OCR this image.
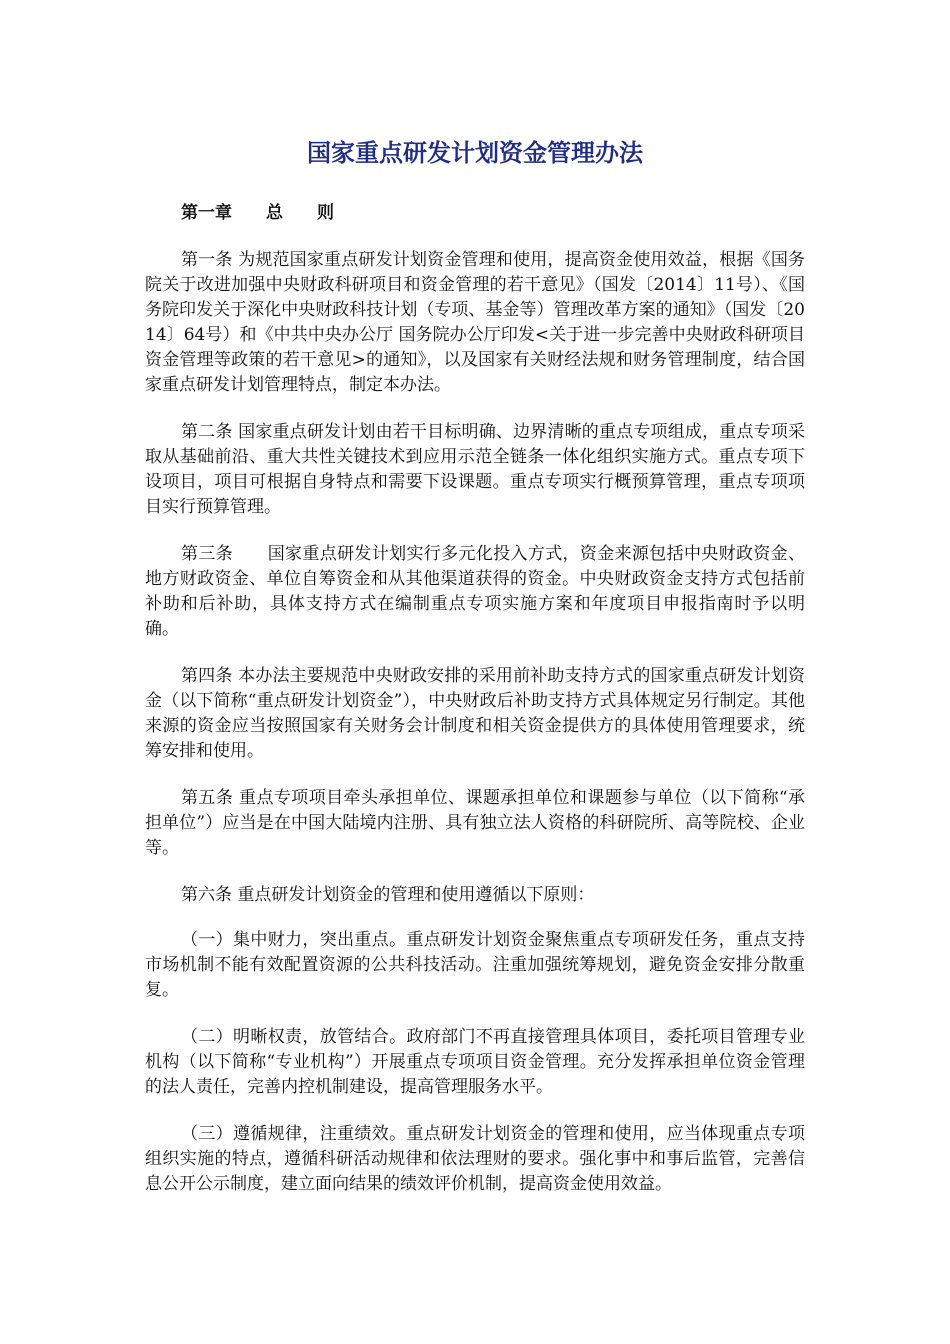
国家重点研发计划资金管理办法
第一章　　总　　则

第一条 为规范国家重点研发计划资金管理和使用，提高资金使用效益，根据《国务院关于改进加强中央财政科研项目和资金管理的若干意见》（国发〔2014〕11号）、《国务院印发关于深化中央财政科技计划（专项、基金等）管理改革方案的通知》（国发〔2014〕64号）和《中共中央办公厅 国务院办公厅印发<关于进一步完善中央财政科研项目资金管理等政策的若干意见>的通知》，以及国家有关财经法规和财务管理制度，结合国家重点研发计划管理特点，制定本办法。

第二条 国家重点研发计划由若干目标明确、边界清晰的重点专项组成，重点专项采取从基础前沿、重大共性关键技术到应用示范全链条一体化组织实施方式。重点专项下设项目，项目可根据自身特点和需要下设课题。重点专项实行概预算管理，重点专项项目实行预算管理。

第三条　　国家重点研发计划实行多元化投入方式，资金来源包括中央财政资金、地方财政资金、单位自筹资金和从其他渠道获得的资金。中央财政资金支持方式包括前补助和后补助，具体支持方式在编制重点专项实施方案和年度项目申报指南时予以明确。

第四条 本办法主要规范中央财政安排的采用前补助支持方式的国家重点研发计划资金（以下简称“重点研发计划资金”），中央财政后补助支持方式具体规定另行制定。其他来源的资金应当按照国家有关财务会计制度和相关资金提供方的具体使用管理要求，统筹安排和使用。

第五条 重点专项项目牵头承担单位、课题承担单位和课题参与单位（以下简称“承担单位”）应当是在中国大陆境内注册、具有独立法人资格的科研院所、高等院校、企业等。

第六条 重点研发计划资金的管理和使用遵循以下原则：

（一）集中财力，突出重点。重点研发计划资金聚焦重点专项研发任务，重点支持市场机制不能有效配置资源的公共科技活动。注重加强统筹规划，避免资金安排分散重复。

（二）明晰权责，放管结合。政府部门不再直接管理具体项目，委托项目管理专业机构（以下简称“专业机构”）开展重点专项项目资金管理。充分发挥承担单位资金管理的法人责任，完善内控机制建设，提高管理服务水平。

（三）遵循规律，注重绩效。重点研发计划资金的管理和使用，应当体现重点专项组织实施的特点，遵循科研活动规律和依法理财的要求。强化事中和事后监管，完善信息公开公示制度，建立面向结果的绩效评价机制，提高资金使用效益。
